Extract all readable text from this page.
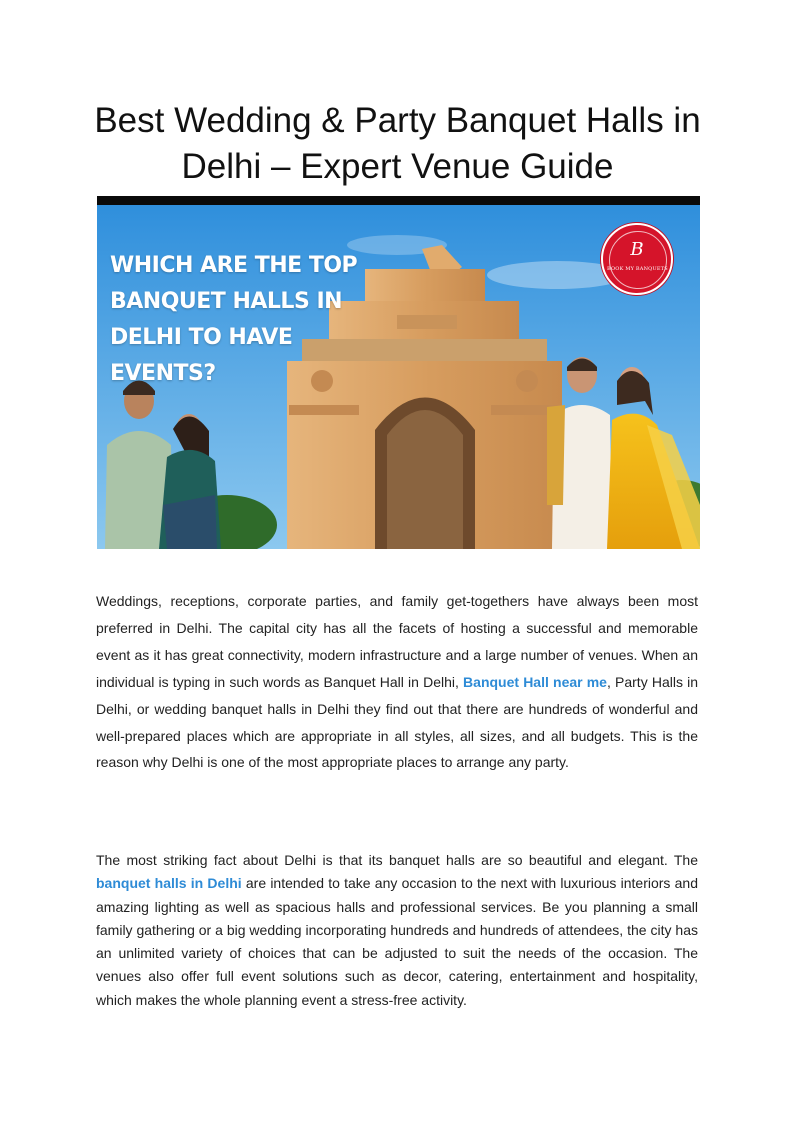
Best Wedding & Party Banquet Halls in Delhi – Expert Venue Guide
WHICH ARE THE TOP
BANQUET HALLS IN
DELHI TO HAVE
EVENTS?
B
BOOK MY BANQUETS

Weddings, receptions, corporate parties, and family get-togethers have always been most preferred in Delhi. The capital city has all the facets of hosting a successful and memorable event as it has great connectivity, modern infrastructure and a large number of venues. When an individual is typing in such words as Banquet Hall in Delhi, Banquet Hall near me, Party Halls in Delhi, or wedding banquet halls in Delhi they find out that there are hundreds of wonderful and well-prepared places which are appropriate in all styles, all sizes, and all budgets. This is the reason why Delhi is one of the most appropriate places to arrange any party.

The most striking fact about Delhi is that its banquet halls are so beautiful and elegant. The banquet halls in Delhi are intended to take any occasion to the next with luxurious interiors and amazing lighting as well as spacious halls and professional services. Be you planning a small family gathering or a big wedding incorporating hundreds and hundreds of attendees, the city has an unlimited variety of choices that can be adjusted to suit the needs of the occasion. The venues also offer full event solutions such as decor, catering, entertainment and hospitality, which makes the whole planning event a stress-free activity.
